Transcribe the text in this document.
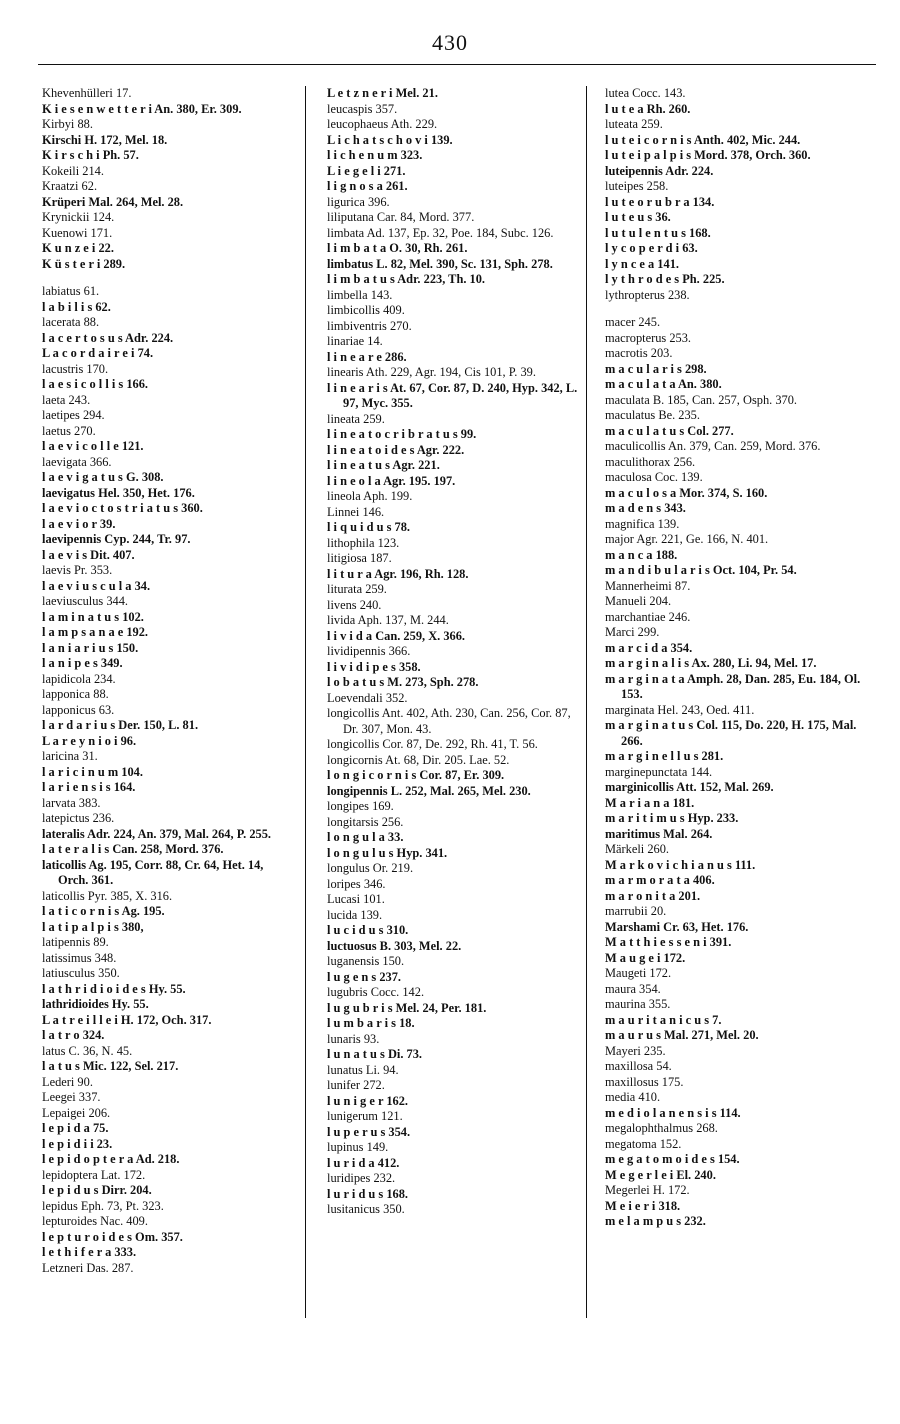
430
Khevenhülleri 17.
K i e s e n w e t t e r i An. 380, Er. 309.
Kirbyi 88.
Kirschi H. 172, Mel. 18.
K i r s c h i Ph. 57.
Kokeili 214.
Kraatzi 62.
Krüperi Mal. 264, Mel. 28.
Krynickii 124.
Kuenowi 171.
K u n z e i 22.
K ü s t e r i 289.
labiatus 61.
l a b i l i s 62.
lacerata 88.
l a c e r t o s u s Adr. 224.
L a c o r d a i r e i 74.
lacustris 170.
l a e s i c o l l i s 166.
laeta 243.
laetipes 294.
laetus 270.
l a e v i c o l l e 121.
laevigata 366.
l a e v i g a t u s G. 308.
laevigatus Hel. 350, Het. 176.
l a e v i o c t o s t r i a t u s 360.
l a e v i o r 39.
laevipennis Cyp. 244, Tr. 97.
l a e v i s Dit. 407.
laevis Pr. 353.
l a e v i u s c u l a 34.
laeviusculus 344.
l a m i n a t u s 102.
l a m p s a n a e 192.
l a n i a r i u s 150.
l a n i p e s 349.
lapidicola 234.
lapponica 88.
lapponicus 63.
l a r d a r i u s Der. 150, L. 81.
L a r e y n i o i 96.
laricina 31.
l a r i c i n u m 104.
l a r i e n s i s 164.
larvata 383.
latepictus 236.
lateralis Adr. 224, An. 379, Mal. 264, P. 255.
l a t e r a l i s Can. 258, Mord. 376.
laticollis Ag. 195, Corr. 88, Cr. 64, Het. 14, Orch. 361.
laticollis Pyr. 385, X. 316.
l a t i c o r n i s Ag. 195.
l a t i p a l p i s 380,
latipennis 89.
latissimus 348.
latiusculus 350.
l a t h r i d i o i d e s Hy. 55.
lathridioides Hy. 55.
L a t r e i l l e i H. 172, Och. 317.
l a t r o 324.
latus C. 36, N. 45.
l a t u s Mic. 122, Sel. 217.
Lederi 90.
Leegei 337.
Lepaigei 206.
l e p i d a 75.
l e p i d i i 23.
l e p i d o p t e r a Ad. 218.
lepidoptera Lat. 172.
l e p i d u s Dirr. 204.
lepidus Eph. 73, Pt. 323.
lepturoides Nac. 409.
l e p t u r o i d e s Om. 357.
l e t h i f e r a 333.
Letzneri Das. 287.
L e t z n e r i Mel. 21.
leucaspis 357.
leucophaeus Ath. 229.
L i c h a t s c h o v i 139.
l i c h e n u m 323.
L i e g e l i 271.
l i g n o s a 261.
ligurica 396.
liliputana Car. 84, Mord. 377.
limbata Ad. 137, Ep. 32, Poe. 184, Subc. 126.
l i m b a t a O. 30, Rh. 261.
limbatus L. 82, Mel. 390, Sc. 131, Sph. 278.
l i m b a t u s Adr. 223, Th. 10.
limbella 143.
limbicollis 409.
limbiventris 270.
linariae 14.
l i n e a r e 286.
linearis Ath. 229, Agr. 194, Cis 101, P. 39.
l i n e a r i s At. 67, Cor. 87, D. 240, Hyp. 342, L. 97, Myc. 355.
lineata 259.
l i n e a t o c r i b r a t u s 99.
l i n e a t o i d e s Agr. 222.
l i n e a t u s Agr. 221.
l i n e o l a Agr. 195. 197.
lineola Aph. 199.
Linnei 146.
l i q u i d u s 78.
lithophila 123.
litigiosa 187.
l i t u r a Agr. 196, Rh. 128.
liturata 259.
livens 240.
livida Aph. 137, M. 244.
l i v i d a Can. 259, X. 366.
lividipennis 366.
l i v i d i p e s 358.
l o b a t u s M. 273, Sph. 278.
Loevendali 352.
longicollis Ant. 402, Ath. 230, Can. 256, Cor. 87, Dr. 307, Mon. 43.
longicollis Cor. 87, De. 292, Rh. 41, T. 56.
longicornis At. 68, Dir. 205. Lae. 52.
l o n g i c o r n i s Cor. 87, Er. 309.
longipennis L. 252, Mal. 265, Mel. 230.
longipes 169.
longitarsis 256.
l o n g u l a 33.
l o n g u l u s Hyp. 341.
longulus Or. 219.
loripes 346.
Lucasi 101.
lucida 139.
l u c i d u s 310.
luctuosus B. 303, Mel. 22.
luganensis 150.
l u g e n s 237.
lugubris Cocc. 142.
l u g u b r i s Mel. 24, Per. 181.
l u m b a r i s 18.
lunaris 93.
l u n a t u s Di. 73.
lunatus Li. 94.
lunifer 272.
l u n i g e r 162.
lunigerum 121.
l u p e r u s 354.
lupinus 149.
l u r i d a 412.
luridipes 232.
l u r i d u s 168.
lusitanicus 350.
lutea Cocc. 143.
l u t e a Rh. 260.
luteata 259.
l u t e i c o r n i s Anth. 402, Mic. 244.
l u t e i p a l p i s Mord. 378, Orch. 360.
luteipennis Adr. 224.
luteipes 258.
l u t e o r u b r a 134.
l u t e u s 36.
l u t u l e n t u s 168.
l y c o p e r d i 63.
l y n c e a 141.
l y t h r o d e s Ph. 225.
lythropterus 238.
macer 245.
macropterus 253.
macrotis 203.
m a c u l a r i s 298.
m a c u l a t a An. 380.
maculata B. 185, Can. 257, Osph. 370.
maculatus Be. 235.
m a c u l a t u s Col. 277.
maculicollis An. 379, Can. 259, Mord. 376.
maculithorax 256.
maculosa Coc. 139.
m a c u l o s a Mor. 374, S. 160.
m a d e n s 343.
magnifica 139.
major Agr. 221, Ge. 166, N. 401.
m a n c a 188.
m a n d i b u l a r i s Oct. 104, Pr. 54.
Mannerheimi 87.
Manueli 204.
marchantiae 246.
Marci 299.
m a r c i d a 354.
m a r g i n a l i s Ax. 280, Li. 94, Mel. 17.
m a r g i n a t a Amph. 28, Dan. 285, Eu. 184, Ol. 153.
marginata Hel. 243, Oed. 411.
m a r g i n a t u s Col. 115, Do. 220, H. 175, Mal. 266.
m a r g i n e l l u s 281.
marginepunctata 144.
marginicollis Att. 152, Mal. 269.
M a r i a n a 181.
m a r i t i m u s Hyp. 233.
maritimus Mal. 264.
Märkeli 260.
M a r k o v i c h i a n u s 111.
m a r m o r a t a 406.
m a r o n i t a 201.
marrubii 20.
Marshami Cr. 63, Het. 176.
M a t t h i e s s e n i 391.
M a u g e i 172.
Maugeti 172.
maura 354.
maurina 355.
m a u r i t a n i c u s 7.
m a u r u s Mal. 271, Mel. 20.
Mayeri 235.
maxillosa 54.
maxillosus 175.
media 410.
m e d i o l a n e n s i s 114.
megalophthalmus 268.
megatoma 152.
m e g a t o m o i d e s 154.
M e g e r l e i El. 240.
Megerlei H. 172.
M e i e r i 318.
m e l a m p u s 232.
